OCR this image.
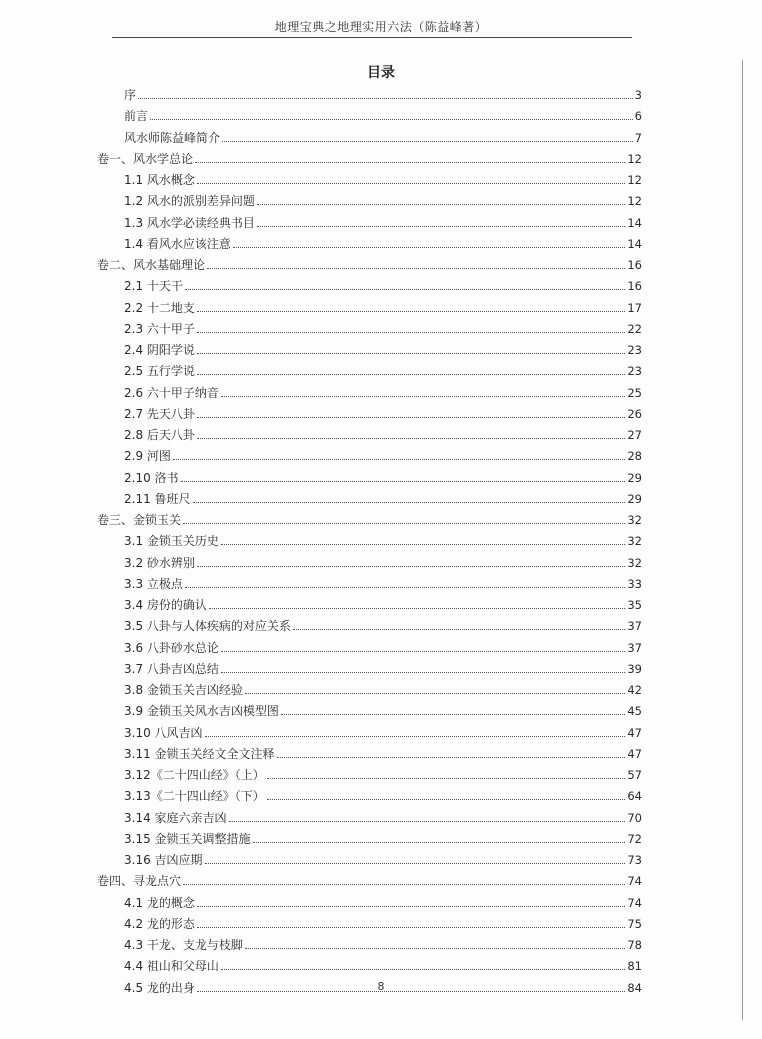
地理宝典之地理实用六法（陈益峰著）
目录
序	3
前言	6
风水师陈益峰简介	7
卷一、风水学总论	12
1.1 风水概念	12
1.2 风水的派别差异问题	12
1.3 风水学必读经典书目	14
1.4 看风水应该注意	14
卷二、风水基础理论	16
2.1 十天干	16
2.2 十二地支	17
2.3 六十甲子	22
2.4 阴阳学说	23
2.5 五行学说	23
2.6 六十甲子纳音	25
2.7 先天八卦	26
2.8 后天八卦	27
2.9 河图	28
2.10 洛书	29
2.11 鲁班尺	29
卷三、金锁玉关	32
3.1 金锁玉关历史	32
3.2 砂水辨别	32
3.3 立极点	33
3.4 房份的确认	35
3.5 八卦与人体疾病的对应关系	37
3.6 八卦砂水总论	37
3.7 八卦吉凶总结	39
3.8 金锁玉关吉凶经验	42
3.9 金锁玉关风水吉凶模型图	45
3.10 八风吉凶	47
3.11 金锁玉关经文全文注释	47
3.12《二十四山经》（上）	57
3.13《二十四山经》（下）	64
3.14 家庭六亲吉凶	70
3.15 金锁玉关调整措施	72
3.16 吉凶应期	73
卷四、寻龙点穴	74
4.1 龙的概念	74
4.2 龙的形态	75
4.3 干龙、支龙与枝脚	78
4.4 祖山和父母山	81
4.5 龙的出身	84
8
